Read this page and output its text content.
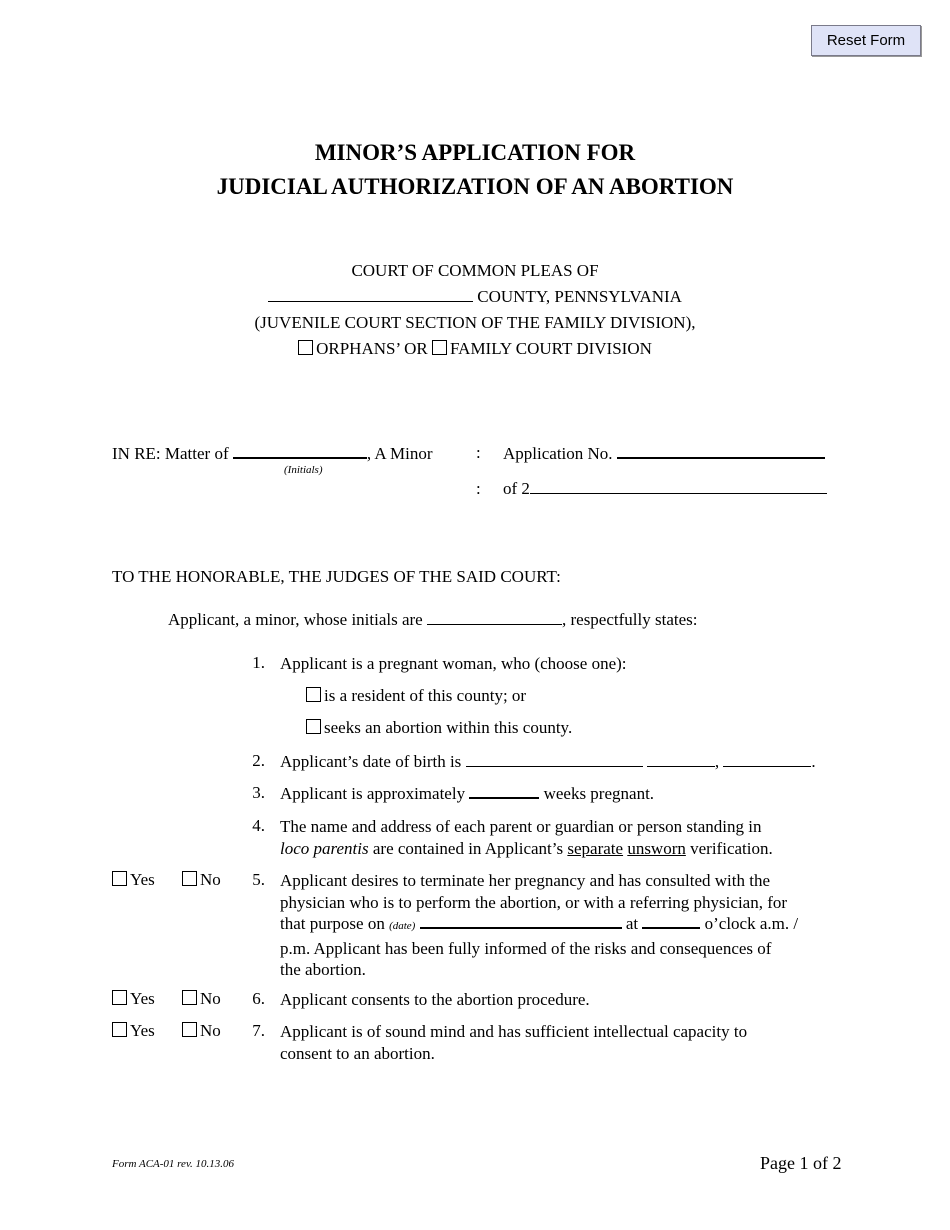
Reset Form
MINOR’S APPLICATION FOR
JUDICIAL AUTHORIZATION OF AN ABORTION
COURT OF COMMON PLEAS OF
COUNTY, PENNSYLVANIA
(JUVENILE COURT SECTION OF THE FAMILY DIVISION),
ORPHANS’ OR FAMILY COURT DIVISION
IN RE: Matter of	, A Minor
(Initials)
: Application No.
: of 2
TO THE HONORABLE, THE JUDGES OF THE SAID COURT:
Applicant, a minor, whose initials are	, respectfully states:
1. Applicant is a pregnant woman, who (choose one):
is a resident of this county; or
seeks an abortion within this county.
2. Applicant’s date of birth is	,	.
3. Applicant is approximately	weeks pregnant.
4. The name and address of each parent or guardian or person standing in
loco parentis are contained in Applicant’s separate unsworn verification.
Yes	No	5. Applicant desires to terminate her pregnancy and has consulted with the
physician who is to perform the abortion, or with a referring physician, for
that purpose on (date)	at	o’clock a.m. /
p.m. Applicant has been fully informed of the risks and consequences of
the abortion.
Yes	No	6. Applicant consents to the abortion procedure.
Yes	No	7. Applicant is of sound mind and has sufficient intellectual capacity to
consent to an abortion.
Form ACA-01 rev. 10.13.06	Page 1 of 2
